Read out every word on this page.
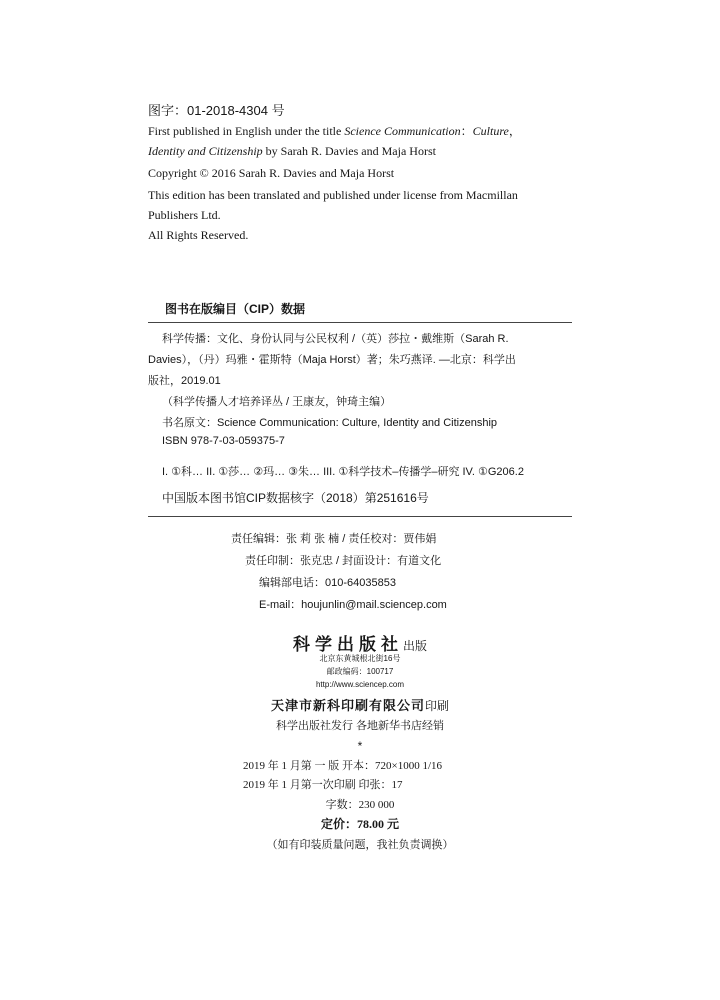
图字：01-2018-4304 号
First published in English under the title Science Communication：Culture，
Identity and Citizenship by Sarah R. Davies and Maja Horst
Copyright © 2016 Sarah R. Davies and Maja Horst
This edition has been translated and published under license from Macmillan
Publishers Ltd.
All Rights Reserved.
图书在版编目（CIP）数据
科学传播：文化、身份认同与公民权利 /（英）莎拉・戴维斯（Sarah R.
Davies），（丹）玛雅・霍斯特（Maja Horst）著；朱巧燕译. —北京：科学出
版社，2019.01
（科学传播人才培养译丛 / 王康友，钟琦主编）
书名原文：Science Communication: Culture, Identity and Citizenship
ISBN 978-7-03-059375-7
I. ①科… II. ①莎… ②玛… ③朱… III. ①科学技术–传播学–研究 IV. ①G206.2
中国版本图书馆CIP数据核字（2018）第251616号
责任编辑：张 莉 张 楠 / 责任校对：贾伟娟
责任印制：张克忠 / 封面设计：有道文化
编辑部电话：010-64035853
E-mail：houjunlin@mail.sciencep.com
科学出版社出版
北京东黄城根北街16号
邮政编码：100717
http://www.sciencep.com
天津市新科印刷有限公司印刷
科学出版社发行 各地新华书店经销
*
2019 年 1 月第 一 版 开本：720×1000 1/16
2019 年 1 月第一次印刷 印张：17
字数：230 000
定价：78.00 元
（如有印装质量问题，我社负责调换）
